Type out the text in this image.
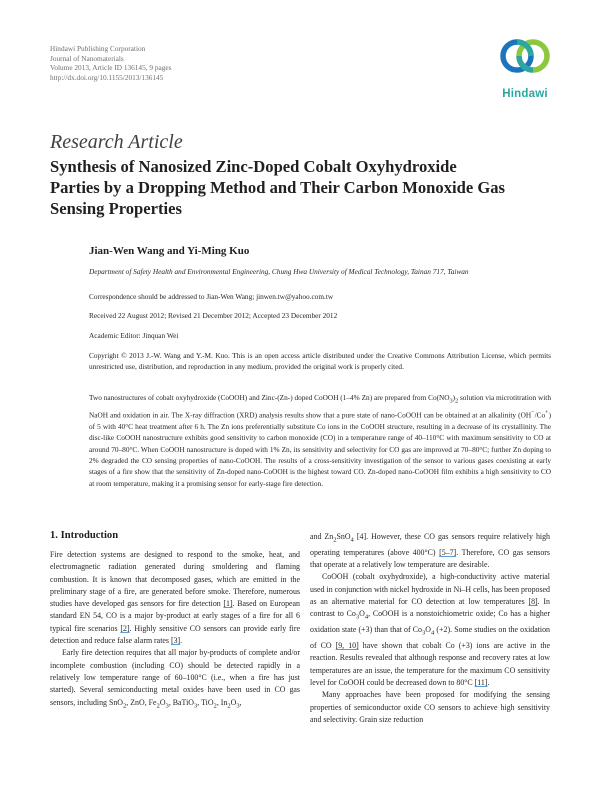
Hindawi Publishing Corporation
Journal of Nanomaterials
Volume 2013, Article ID 136145, 9 pages
http://dx.doi.org/10.1155/2013/136145
Hindawi
Research Article
Synthesis of Nanosized Zinc-Doped Cobalt Oxyhydroxide
Parties by a Dropping Method and Their Carbon Monoxide Gas
Sensing Properties
Jian-Wen Wang and Yi-Ming Kuo
Department of Safety Health and Environmental Engineering, Chung Hwa University of Medical Technology, Tainan 717, Taiwan
Correspondence should be addressed to Jian-Wen Wang; jinwen.tw@yahoo.com.tw
Received 22 August 2012; Revised 21 December 2012; Accepted 23 December 2012
Academic Editor: Jinquan Wei
Copyright © 2013 J.-W. Wang and Y.-M. Kuo. This is an open access article distributed under the Creative Commons Attribution License, which permits unrestricted use, distribution, and reproduction in any medium, provided the original work is properly cited.
Two nanostructures of cobalt oxyhydroxide (CoOOH) and Zinc-(Zn-) doped CoOOH (1–4% Zn) are prepared from $Co(NO_3)_2$ solution via microtitration with NaOH and oxidation in air. The X-ray diffraction (XRD) analysis results show that a pure state of nano-CoOOH can be obtained at an alkalinity (OH−/Co+) of 5 with 40°C heat treatment after 6 h. The Zn ions preferentially substitute Co ions in the CoOOH structure, resulting in a decrease of its crystallinity. The disc-like CoOOH nanostructure exhibits good sensitivity to carbon monoxide (CO) in a temperature range of 40–110°C with maximum sensitivity to CO at around 70–80°C. When CoOOH nanostructure is doped with 1% Zn, its sensitivity and selectivity for CO gas are improved at 70–80°C; further Zn doping to 2% degraded the CO sensing properties of nano-CoOOH. The results of a cross-sensitivity investigation of the sensor to various gases coexisting at early stages of a fire show that the sensitivity of Zn-doped nano-CoOOH is the highest toward CO. Zn-doped nano-CoOOH film exhibits a high sensitivity to CO at room temperature, making it a promising sensor for early-stage fire detection.
1. Introduction

Fire detection systems are designed to respond to the smoke, heat, and electromagnetic radiation generated during smoldering and flaming combustion. It is known that decomposed gases, which are emitted in the preliminary stage of a fire, are generated before smoke. Therefore, numerous studies have developed gas sensors for fire detection [1]. Based on European standard EN 54, CO is a major by-product at early stages of a fire for all 6 typical fire scenarios [2]. Highly sensitive CO sensors can provide early fire detection and reduce false alarm rates [3].

Early fire detection requires that all major by-products of complete and/or incomplete combustion (including CO) should be detected rapidly in a relatively low temperature range of 60–100°C (i.e., when a fire has just started). Several semiconducting metal oxides have been used in CO gas sensors, including SnO$_2$, ZnO, $Fe_2O_3$, BaTiO$_3$, TiO$_2$, $In_2O_3$,

and $Zn_2SnO_4$ [4]. However, these CO gas sensors require relatively high operating temperatures (above 400°C) [5–7]. Therefore, CO gas sensors that operate at a relatively low temperature are desirable.

CoOOH (cobalt oxyhydroxide), a high-conductivity active material used in conjunction with nickel hydroxide in Ni–H cells, has been proposed as an alternative material for CO detection at low temperatures [8]. In contrast to $Co_3O_4$, CoOOH is a nonstoichiometric oxide; Co has a higher oxidation state (+3) than that of $Co_3O_4$ (+2). Some studies on the oxidation of CO [9, 10] have shown that cobalt Co (+3) ions are active in the reaction. Results revealed that although response and recovery rates at low temperatures are an issue, the temperature for the maximum CO sensitivity level for CoOOH could be decreased down to 80°C [11].

Many approaches have been proposed for modifying the sensing properties of semiconductor oxide CO sensors to achieve high sensitivity and selectivity. Grain size reduction
